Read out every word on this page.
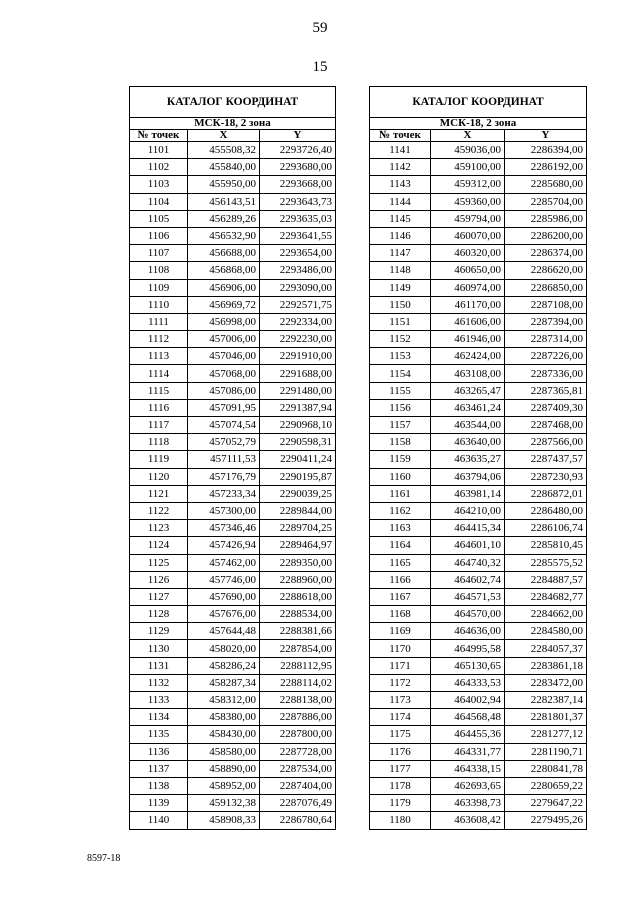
59
15
КАТАЛОГ КООРДИНАТ		
МСК-18, 2 зона		
№ точек	X	Y
1101	455508,32	2293726,40
1102	455840,00	2293680,00
1103	455950,00	2293668,00
1104	456143,51	2293643,73
1105	456289,26	2293635,03
1106	456532,90	2293641,55
1107	456688,00	2293654,00
1108	456868,00	2293486,00
1109	456906,00	2293090,00
1110	456969,72	2292571,75
1111	456998,00	2292334,00
1112	457006,00	2292230,00
1113	457046,00	2291910,00
1114	457068,00	2291688,00
1115	457086,00	2291480,00
1116	457091,95	2291387,94
1117	457074,54	2290968,10
1118	457052,79	2290598,31
1119	457111,53	2290411,24
1120	457176,79	2290195,87
1121	457233,34	2290039,25
1122	457300,00	2289844,00
1123	457346,46	2289704,25
1124	457426,94	2289464,97
1125	457462,00	2289350,00
1126	457746,00	2288960,00
1127	457690,00	2288618,00
1128	457676,00	2288534,00
1129	457644,48	2288381,66
1130	458020,00	2287854,00
1131	458286,24	2288112,95
1132	458287,34	2288114,02
1133	458312,00	2288138,00
1134	458380,00	2287886,00
1135	458430,00	2287800,00
1136	458580,00	2287728,00
1137	458890,00	2287534,00
1138	458952,00	2287404,00
1139	459132,38	2287076,49
1140	458908,33	2286780,64
КАТАЛОГ КООРДИНАТ		
МСК-18, 2 зона		
№ точек	X	Y
1141	459036,00	2286394,00
1142	459100,00	2286192,00
1143	459312,00	2285680,00
1144	459360,00	2285704,00
1145	459794,00	2285986,00
1146	460070,00	2286200,00
1147	460320,00	2286374,00
1148	460650,00	2286620,00
1149	460974,00	2286850,00
1150	461170,00	2287108,00
1151	461606,00	2287394,00
1152	461946,00	2287314,00
1153	462424,00	2287226,00
1154	463108,00	2287336,00
1155	463265,47	2287365,81
1156	463461,24	2287409,30
1157	463544,00	2287468,00
1158	463640,00	2287566,00
1159	463635,27	2287437,57
1160	463794,06	2287230,93
1161	463981,14	2286872,01
1162	464210,00	2286480,00
1163	464415,34	2286106,74
1164	464601,10	2285810,45
1165	464740,32	2285575,52
1166	464602,74	2284887,57
1167	464571,53	2284682,77
1168	464570,00	2284662,00
1169	464636,00	2284580,00
1170	464995,58	2284057,37
1171	465130,65	2283861,18
1172	464333,53	2283472,00
1173	464002,94	2282387,14
1174	464568,48	2281801,37
1175	464455,36	2281277,12
1176	464331,77	2281190,71
1177	464338,15	2280841,78
1178	462693,65	2280659,22
1179	463398,73	2279647,22
1180	463608,42	2279495,26
8597-18
